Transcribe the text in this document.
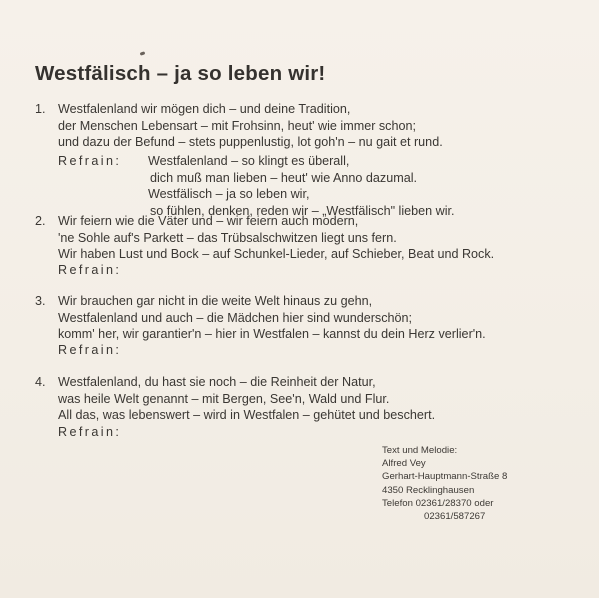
Westfälisch – ja so leben wir!
1. Westfalenland wir mögen dich – und deine Tradition,
der Menschen Lebensart – mit Frohsinn, heut' wie immer schon;
und dazu der Befund – stets puppenlustig, lot goh'n – nu gait et rund.
Refrain:	Westfalenland – so klingt es überall,
dich muß man lieben – heut' wie Anno dazumal.
Westfälisch – ja so leben wir,
so fühlen, denken, reden wir – „Westfälisch" lieben wir.
2. Wir feiern wie die Väter und – wir feiern auch modern,
'ne Sohle auf's Parkett – das Trübsalschwitzen liegt uns fern.
Wir haben Lust und Bock – auf Schunkel-Lieder, auf Schieber, Beat und Rock.
Refrain:
3. Wir brauchen gar nicht in die weite Welt hinaus zu gehn,
Westfalenland und auch – die Mädchen hier sind wunderschön;
komm' her, wir garantier'n – hier in Westfalen – kannst du dein Herz verlier'n.
Refrain:
4. Westfalenland, du hast sie noch – die Reinheit der Natur,
was heile Welt genannt – mit Bergen, See'n, Wald und Flur.
All das, was lebenswert – wird in Westfalen – gehütet und beschert.
Refrain:
Text und Melodie:
Alfred Vey
Gerhart-Hauptmann-Straße 8
4350 Recklinghausen
Telefon 02361/28370 oder
02361/587267
